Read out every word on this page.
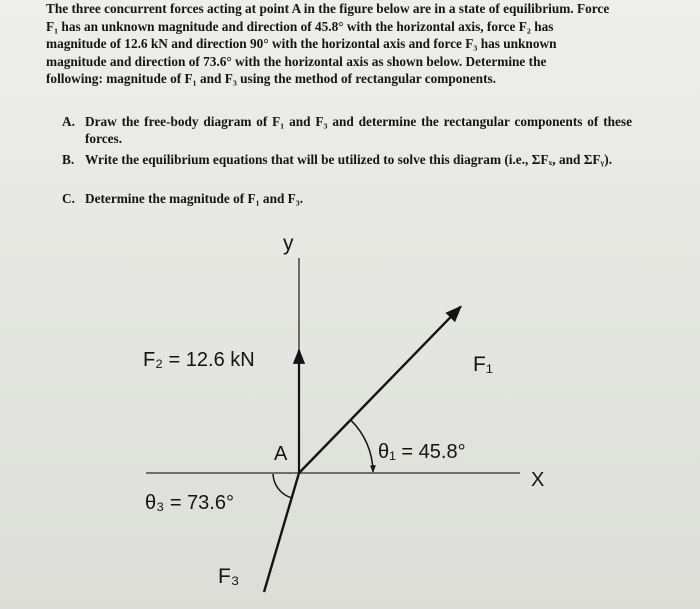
The three concurrent forces acting at point A in the figure below are in a state of equilibrium. Force
F₁ has an unknown magnitude and direction of 45.8° with the horizontal axis, force F₂ has
magnitude of 12.6 kN and direction 90° with the horizontal axis and force F₃ has unknown
magnitude and direction of 73.6° with the horizontal axis as shown below. Determine the
following: magnitude of F₁ and F₃ using the method of rectangular components.
A. Draw the free-body diagram of F₁ and F₃ and determine the rectangular components of these forces.
B. Write the equilibrium equations that will be utilized to solve this diagram (i.e., ΣFₓ, and ΣFᵧ).
C. Determine the magnitude of F₁ and F₃.
y
X
A
F₂ = 12.6 kN	F₁
F₃
θ₁ = 45.8°
θ₃ = 73.6°
